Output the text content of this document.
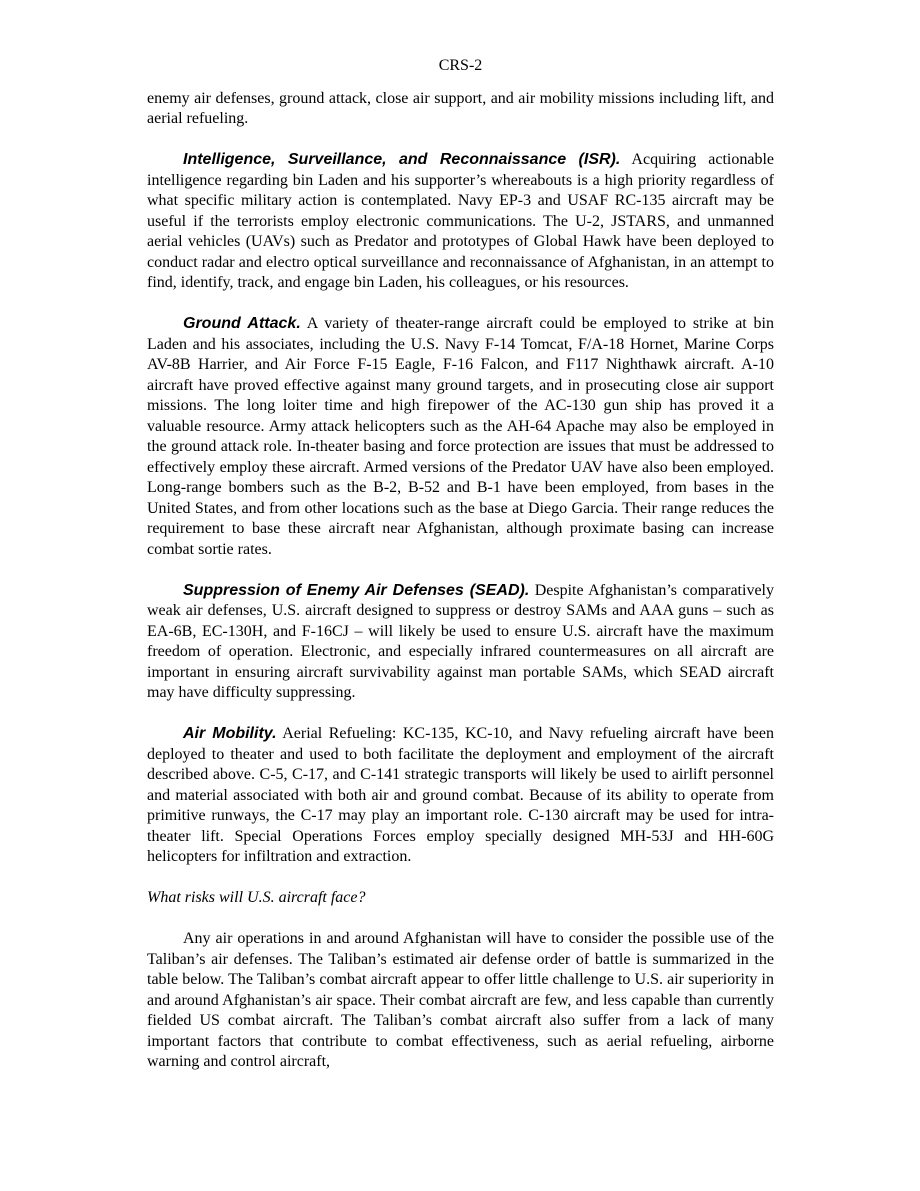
CRS-2

enemy air defenses, ground attack, close air support, and air mobility missions including lift, and aerial refueling.

Intelligence, Surveillance, and Reconnaissance (ISR). Acquiring actionable intelligence regarding bin Laden and his supporter’s whereabouts is a high priority regardless of what specific military action is contemplated. Navy EP-3 and USAF RC-135 aircraft may be useful if the terrorists employ electronic communications. The U-2, JSTARS, and unmanned aerial vehicles (UAVs) such as Predator and prototypes of Global Hawk have been deployed to conduct radar and electro optical surveillance and reconnaissance of Afghanistan, in an attempt to find, identify, track, and engage bin Laden, his colleagues, or his resources.

Ground Attack. A variety of theater-range aircraft could be employed to strike at bin Laden and his associates, including the U.S. Navy F-14 Tomcat, F/A-18 Hornet, Marine Corps AV-8B Harrier, and Air Force F-15 Eagle, F-16 Falcon, and F117 Nighthawk aircraft. A-10 aircraft have proved effective against many ground targets, and in prosecuting close air support missions. The long loiter time and high firepower of the AC-130 gun ship has proved it a valuable resource. Army attack helicopters such as the AH-64 Apache may also be employed in the ground attack role. In-theater basing and force protection are issues that must be addressed to effectively employ these aircraft. Armed versions of the Predator UAV have also been employed. Long-range bombers such as the B-2, B-52 and B-1 have been employed, from bases in the United States, and from other locations such as the base at Diego Garcia. Their range reduces the requirement to base these aircraft near Afghanistan, although proximate basing can increase combat sortie rates.

Suppression of Enemy Air Defenses (SEAD). Despite Afghanistan’s comparatively weak air defenses, U.S. aircraft designed to suppress or destroy SAMs and AAA guns – such as EA-6B, EC-130H, and F-16CJ – will likely be used to ensure U.S. aircraft have the maximum freedom of operation. Electronic, and especially infrared countermeasures on all aircraft are important in ensuring aircraft survivability against man portable SAMs, which SEAD aircraft may have difficulty suppressing.

Air Mobility. Aerial Refueling: KC-135, KC-10, and Navy refueling aircraft have been deployed to theater and used to both facilitate the deployment and employment of the aircraft described above. C-5, C-17, and C-141 strategic transports will likely be used to airlift personnel and material associated with both air and ground combat. Because of its ability to operate from primitive runways, the C-17 may play an important role. C-130 aircraft may be used for intra-theater lift. Special Operations Forces employ specially designed MH-53J and HH-60G helicopters for infiltration and extraction.

What risks will U.S. aircraft face?

Any air operations in and around Afghanistan will have to consider the possible use of the Taliban’s air defenses. The Taliban’s estimated air defense order of battle is summarized in the table below. The Taliban’s combat aircraft appear to offer little challenge to U.S. air superiority in and around Afghanistan’s air space. Their combat aircraft are few, and less capable than currently fielded US combat aircraft. The Taliban’s combat aircraft also suffer from a lack of many important factors that contribute to combat effectiveness, such as aerial refueling, airborne warning and control aircraft,
